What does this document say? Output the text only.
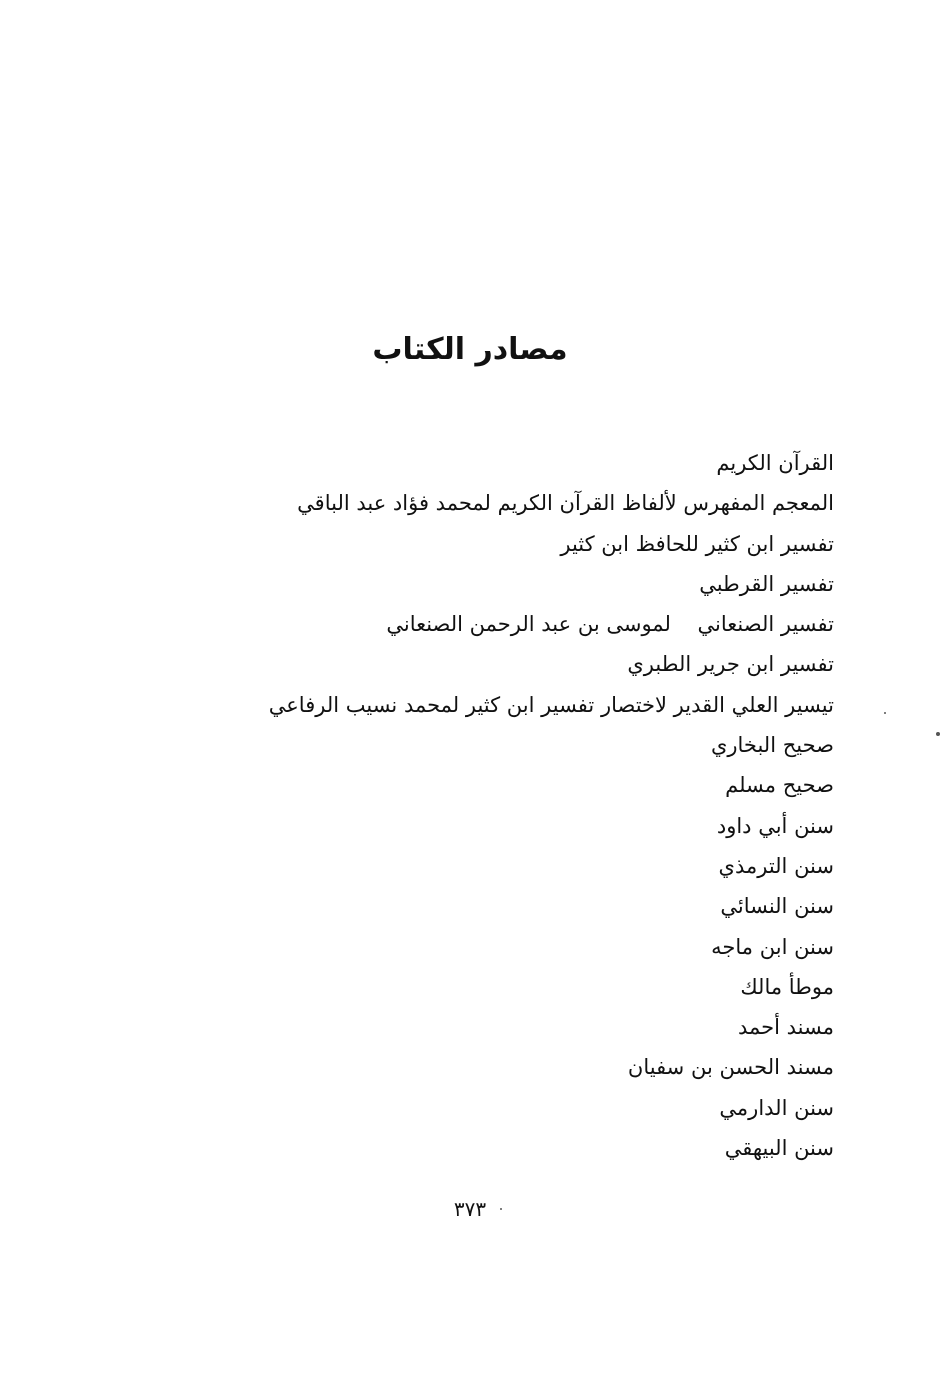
مصادر الكتاب
القرآن الكريم
المعجم المفهرس لألفاظ القرآن الكريم لمحمد فؤاد عبد الباقي
تفسير ابن كثير للحافظ ابن كثير
تفسير القرطبي
تفسير الصنعاني    لموسى بن عبد الرحمن الصنعاني
تفسير ابن جرير الطبري
تيسير العلي القدير لاختصار تفسير ابن كثير لمحمد نسيب الرفاعي
صحيح البخاري
صحيح مسلم
سنن أبي داود
سنن الترمذي
سنن النسائي
سنن ابن ماجه
موطأ مالك
مسند أحمد
مسند الحسن بن سفيان
سنن الدارمي
سنن البيهقي
٣٧٣
